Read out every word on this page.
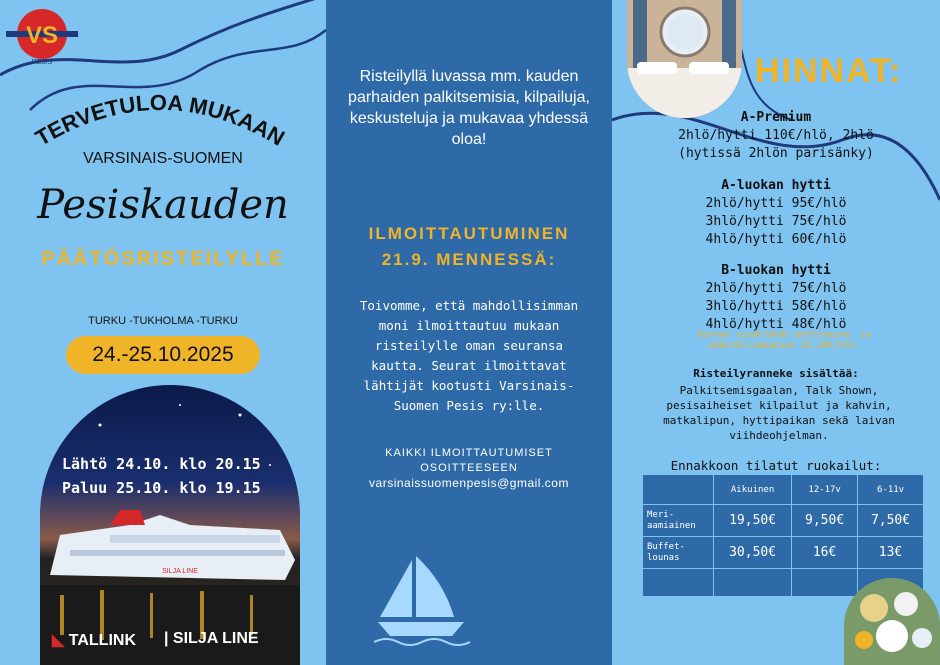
VS
PESIS
TERVETULOA MUKAAN
VARSINAIS-SUOMEN
Pesiskauden
PÄÄTÖSRISTEILYLLE
TURKU -TUKHOLMA -TURKU
24.-25.10.2025
SILJA LINE
Lähtö 24.10. klo 20.15
Paluu 25.10. klo 19.15
◣ TALLINK | SILJA LINE
Risteilyllä luvassa mm. kauden parhaiden palkitsemisia, kilpailuja, keskusteluja ja mukavaa yhdessä oloa!
ILMOITTAUTUMINEN
21.9. MENNESSÄ:
Toivomme, että mahdollisimman moni ilmoittautuu mukaan risteilylle oman seuransa kautta. Seurat ilmoittavat lähtijät kootusti Varsinais-Suomen Pesis ry:lle.
KAIKKI ILMOITTAUTUMISET OSOITTEESEEN
varsinaissuomenpesis@gmail.com
HINNAT:
A-Premium
2hlö/hytti 110€/hlö, 2hlö
(hytissä 2hlön parisänky)
A-luokan hytti
2hlö/hytti 95€/hlö
3hlö/hytti 75€/hlö
4hlö/hytti 60€/hlö
B-luokan hytti
2hlö/hytti 75€/hlö
3hlö/hytti 58€/hlö
4hlö/hytti 48€/hlö
Hinnat sisältävät polttoaine- ja päästölisämaksun 15.20€/hlö.
Risteilyranneke sisältää:
Palkitsemisgaalan, Talk Shown, pesisaiheiset kilpailut ja kahvin, matkalipun, hyttipaikan sekä laivan viihdeohjelman.
Ennakkoon tilatut ruokailut:
	Aikuinen	12-17v	6-11v
Meri-
aamiainen	19,50€	9,50€	7,50€
Buffet-
lounas	30,50€	16€	13€
